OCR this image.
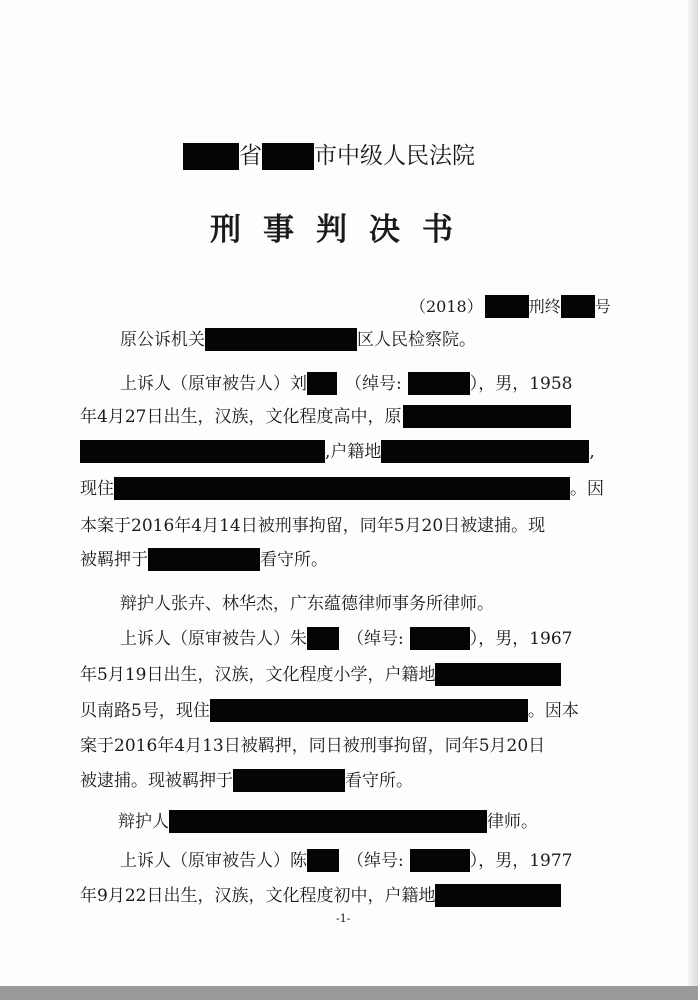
省 市中级人民法院
刑事判决书
（2018）	刑终 号
原公诉机关	区人民检察院。
上诉人（原审被告人）刘 （绰号:	），男，1958
年4月27日出生，汉族，文化程度高中，原
,户籍地	,
现住	。因
本案于2016年4月14日被刑事拘留，同年5月20日被逮捕。现
被羁押于	看守所。
辩护人张卉、林华杰，广东蕴德律师事务所律师。
上诉人（原审被告人）朱 （绰号:	），男，1967
年5月19日出生，汉族，文化程度小学，户籍地
贝南路5号，现住	。因本
案于2016年4月13日被羁押，同日被刑事拘留，同年5月20日
被逮捕。现被羁押于	看守所。
辩护人	律师。
上诉人（原审被告人）陈 （绰号:	），男，1977
年9月22日出生，汉族，文化程度初中，户籍地
-1-
